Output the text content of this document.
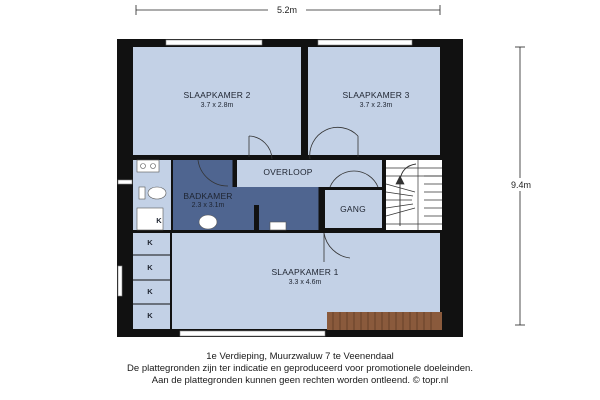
5.2m
9.4m
SLAAPKAMER 2
3.7 x 2.8m
SLAAPKAMER 3
3.7 x 2.3m
OVERLOOP
BADKAMER
2.3 x 3.1m	GANG
SLAAPKAMER 1
3.3 x 4.6m
K
K
K
K
K
1e Verdieping, Muurzwaluw 7 te Veenendaal
De plattegronden zijn ter indicatie en geproduceerd voor promotionele doeleinden.
Aan de plattegronden kunnen geen rechten worden ontleend. © topr.nl
